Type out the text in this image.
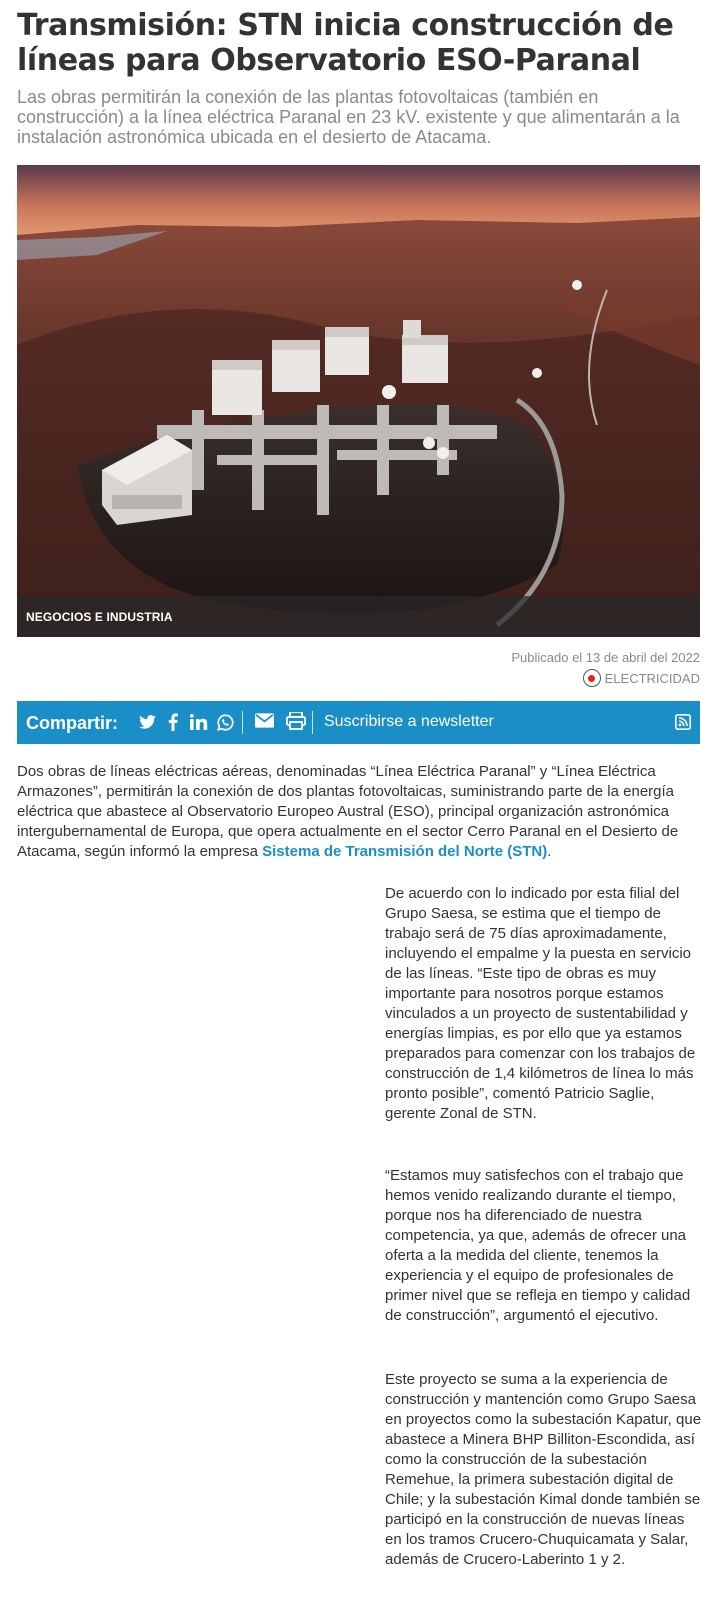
Transmisión: STN inicia construcción de líneas para Observatorio ESO-Paranal

Las obras permitirán la conexión de las plantas fotovoltaicas (también en construcción) a la línea eléctrica Paranal en 23 kV. existente y que alimentarán a la instalación astronómica ubicada en el desierto de Atacama.

NEGOCIOS E INDUSTRIA
Publicado el 13 de abril del 2022
ELECTRICIDAD
Compartir:	Suscribirse a newsletter

Dos obras de líneas eléctricas aéreas, denominadas “Línea Eléctrica Paranal” y “Línea Eléctrica Armazones”, permitirán la conexión de dos plantas fotovoltaicas, suministrando parte de la energía eléctrica que abastece al Observatorio Europeo Austral (ESO), principal organización astronómica intergubernamental de Europa, que opera actualmente en el sector Cerro Paranal en el Desierto de Atacama, según informó la empresa Sistema de Transmisión del Norte (STN).

De acuerdo con lo indicado por esta filial del Grupo Saesa, se estima que el tiempo de trabajo será de 75 días aproximadamente, incluyendo el empalme y la puesta en servicio de las líneas. “Este tipo de obras es muy importante para nosotros porque estamos vinculados a un proyecto de sustentabilidad y energías limpias, es por ello que ya estamos preparados para comenzar con los trabajos de construcción de 1,4 kilómetros de línea lo más pronto posible”, comentó Patricio Saglie, gerente Zonal de STN.

“Estamos muy satisfechos con el trabajo que hemos venido realizando durante el tiempo, porque nos ha diferenciado de nuestra competencia, ya que, además de ofrecer una oferta a la medida del cliente, tenemos la experiencia y el equipo de profesionales de primer nivel que se refleja en tiempo y calidad de construcción”, argumentó el ejecutivo.

Este proyecto se suma a la experiencia de construcción y mantención como Grupo Saesa en proyectos como la subestación Kapatur, que abastece a Minera BHP Billiton-Escondida, así como la construcción de la subestación Remehue, la primera subestación digital de Chile; y la subestación Kimal donde también se participó en la construcción de nuevas líneas en los tramos Crucero-Chuquicamata y Salar, además de Crucero-Laberinto 1 y 2.
